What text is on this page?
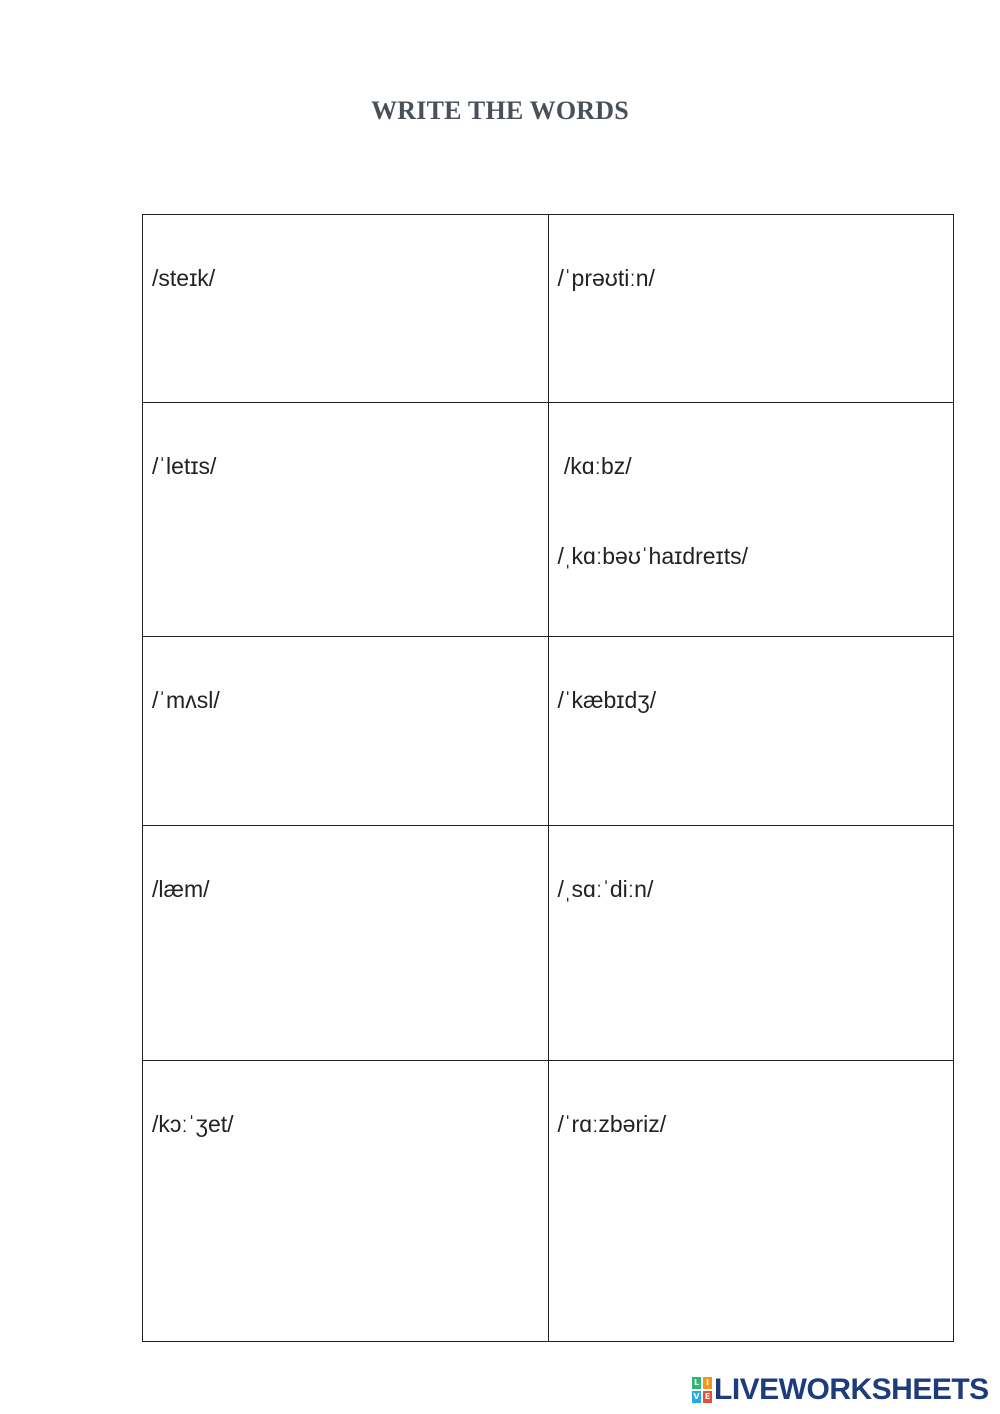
WRITE THE WORDS
/steɪk/	/ˈprəʊtiːn/

/ˈletɪs/	/kɑːbz/
/ˌkɑːbəʊˈhaɪdreɪts/

/ˈmʌsl/	/ˈkæbɪdʒ/

/læm/	/ˌsɑːˈdiːn/

/kɔːˈʒet/	/ˈrɑːzbəriz/
L I
V E LIVEWORKSHEETS
